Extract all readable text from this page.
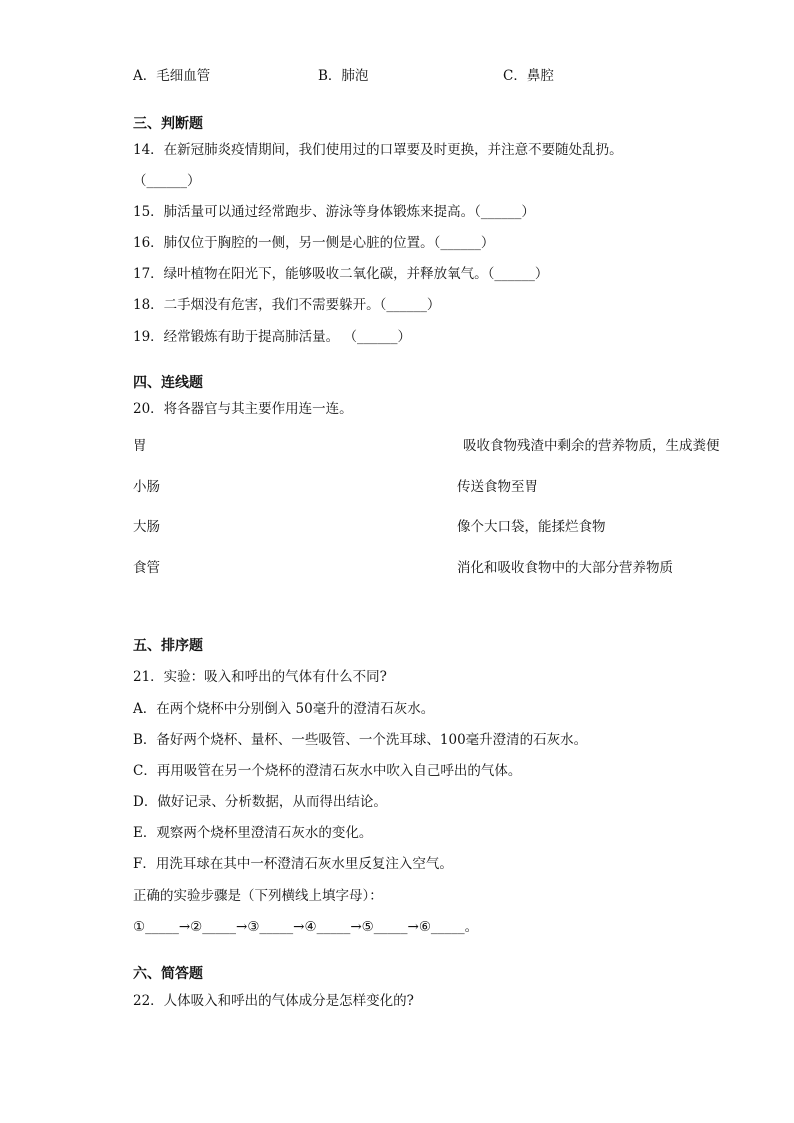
A．毛细血管	B．肺泡	C．鼻腔
三、判断题
14．在新冠肺炎疫情期间，我们使用过的口罩要及时更换，并注意不要随处乱扔。
（______）
15．肺活量可以通过经常跑步、游泳等身体锻炼来提高。（______）
16．肺仅位于胸腔的一侧，另一侧是心脏的位置。（______）
17．绿叶植物在阳光下，能够吸收二氧化碳，并释放氧气。（______）
18．二手烟没有危害，我们不需要躲开。（______）
19．经常锻炼有助于提高肺活量。 （______）
四、连线题
20．将各器官与其主要作用连一连。
胃	吸收食物残渣中剩余的营养物质，生成粪便
小肠	传送食物至胃
大肠	像个大口袋，能揉烂食物
食管	消化和吸收食物中的大部分营养物质
五、排序题
21．实验：吸入和呼出的气体有什么不同?
A．在两个烧杯中分别倒入 50毫升的澄清石灰水。
B．备好两个烧杯、量杯、一些吸管、一个洗耳球、100毫升澄清的石灰水。
C．再用吸管在另一个烧杯的澄清石灰水中吹入自己呼出的气体。
D．做好记录、分析数据，从而得出结论。
E．观察两个烧杯里澄清石灰水的变化。
F．用洗耳球在其中一杯澄清石灰水里反复注入空气。
正确的实验步骤是（下列横线上填字母）：
①_____→②_____→③_____→④_____→⑤_____→⑥_____。
六、简答题
22．人体吸入和呼出的气体成分是怎样变化的?
